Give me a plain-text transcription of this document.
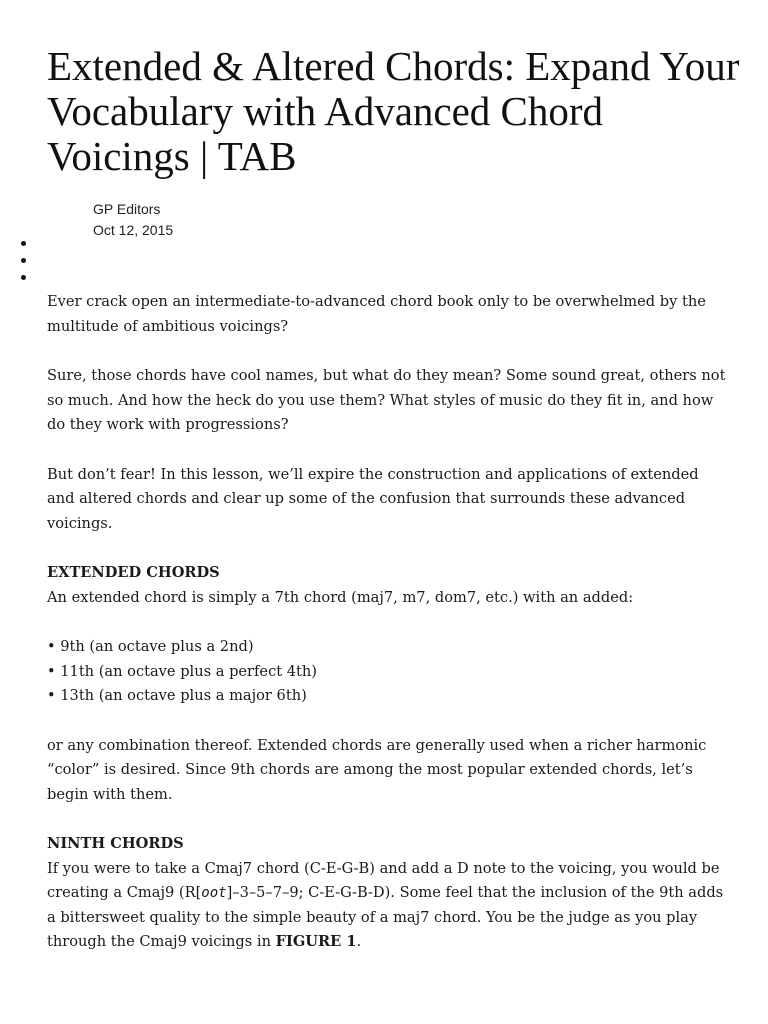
Extended & Altered Chords: Expand Your Vocabulary with Advanced Chord Voicings | TAB
GP Editors
Oct 12, 2015

Ever crack open an intermediate-to-advanced chord book only to be overwhelmed by the multitude of ambitious voicings?

Sure, those chords have cool names, but what do they mean? Some sound great, others not so much. And how the heck do you use them? What styles of music do they fit in, and how do they work with progressions?

But don’t fear! In this lesson, we’ll expire the construction and applications of extended and altered chords and clear up some of the confusion that surrounds these advanced voicings.

EXTENDED CHORDS
An extended chord is simply a 7th chord (maj7, m7, dom7, etc.) with an added:

• 9th (an octave plus a 2nd)
• 11th (an octave plus a perfect 4th)
• 13th (an octave plus a major 6th)

or any combination thereof. Extended chords are generally used when a richer harmonic “color” is desired. Since 9th chords are among the most popular extended chords, let’s begin with them.

NINTH CHORDS
If you were to take a Cmaj7 chord (C-E-G-B) and add a D note to the voicing, you would be creating a Cmaj9 (R[oot]–3–5–7–9; C-E-G-B-D). Some feel that the inclusion of the 9th adds a bittersweet quality to the simple beauty of a maj7 chord. You be the judge as you play through the Cmaj9 voicings in FIGURE 1.
